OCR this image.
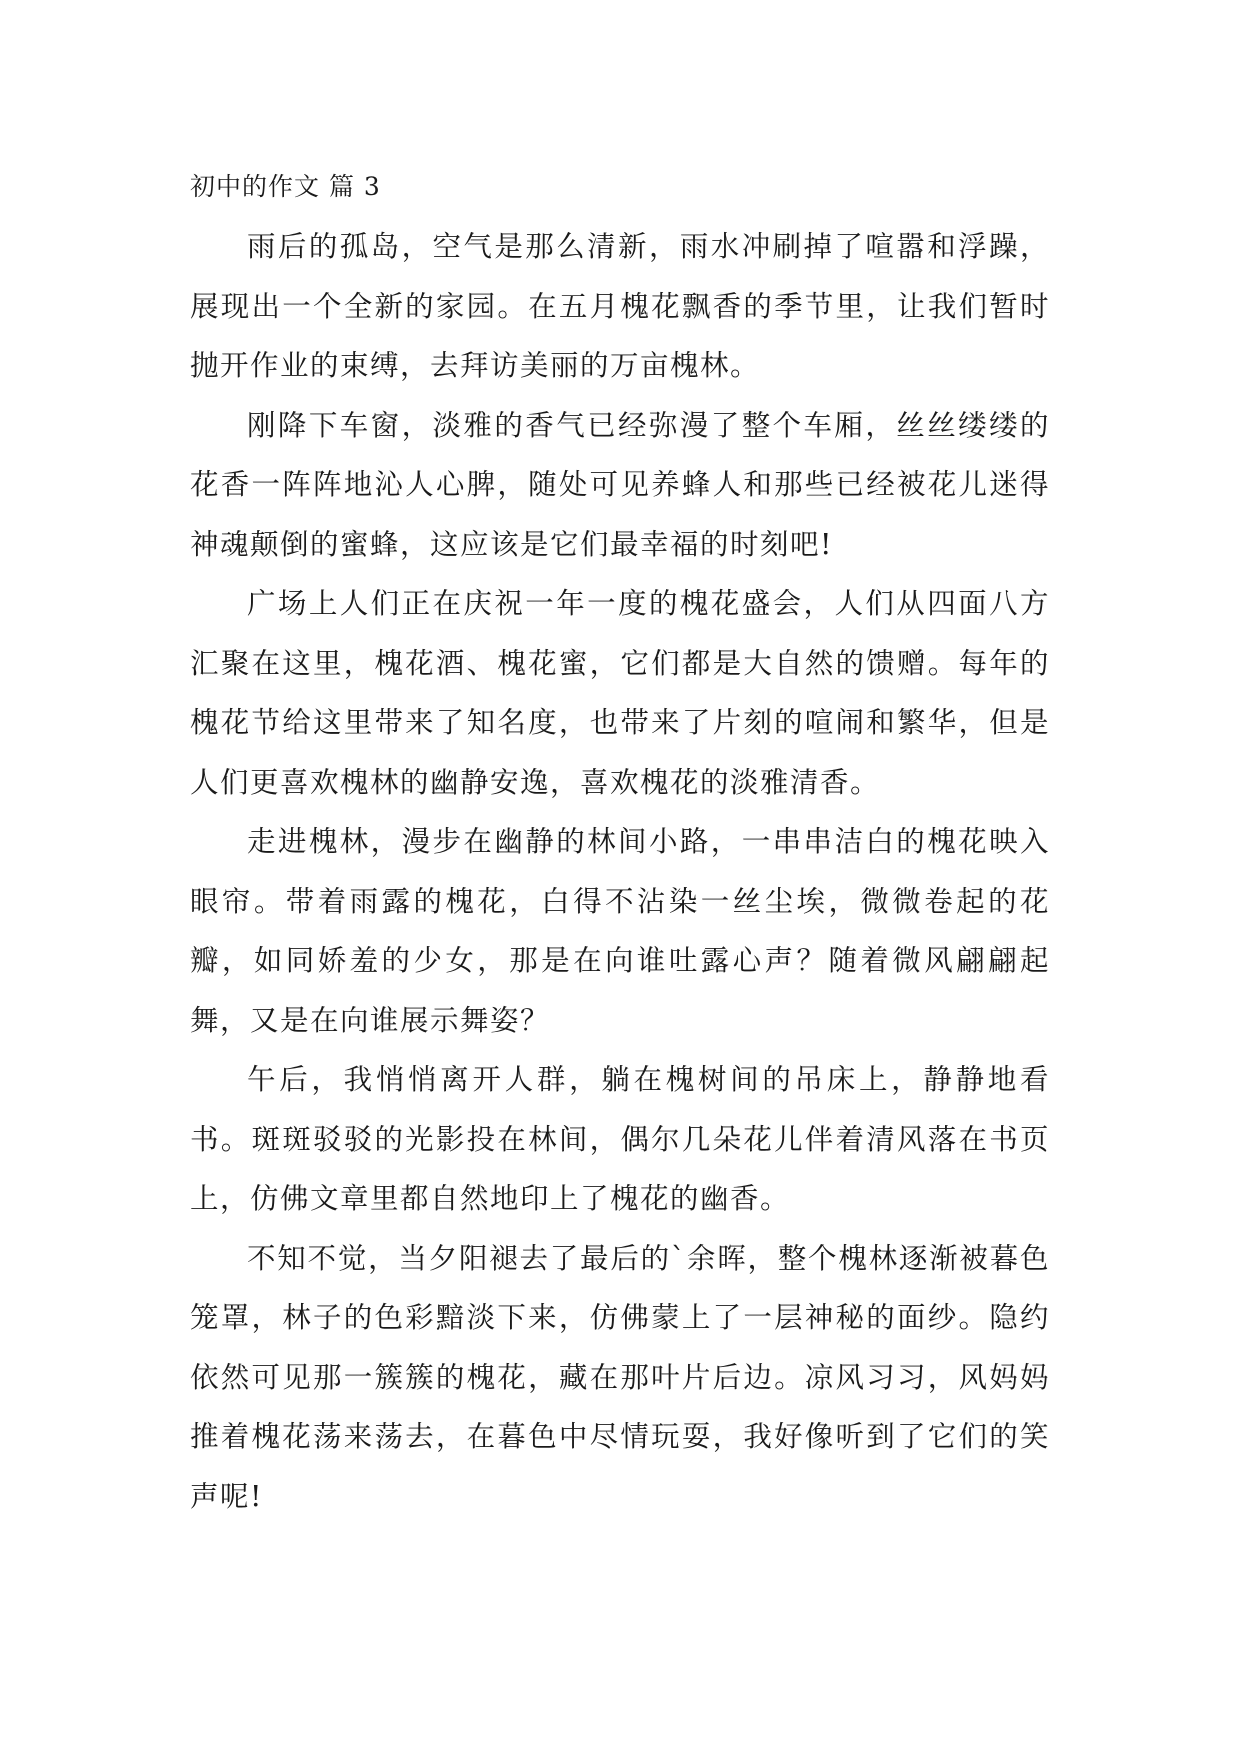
初中的作文 篇 3

雨后的孤岛，空气是那么清新，雨水冲刷掉了喧嚣和浮躁，展现出一个全新的家园。在五月槐花飘香的季节里，让我们暂时抛开作业的束缚，去拜访美丽的万亩槐林。

刚降下车窗，淡雅的香气已经弥漫了整个车厢，丝丝缕缕的花香一阵阵地沁人心脾，随处可见养蜂人和那些已经被花儿迷得神魂颠倒的蜜蜂，这应该是它们最幸福的时刻吧!

广场上人们正在庆祝一年一度的槐花盛会，人们从四面八方汇聚在这里，槐花酒、槐花蜜，它们都是大自然的馈赠。每年的槐花节给这里带来了知名度，也带来了片刻的喧闹和繁华，但是人们更喜欢槐林的幽静安逸，喜欢槐花的淡雅清香。

走进槐林，漫步在幽静的林间小路，一串串洁白的槐花映入眼帘。带着雨露的槐花，白得不沾染一丝尘埃，微微卷起的花瓣，如同娇羞的少女，那是在向谁吐露心声？随着微风翩翩起舞，又是在向谁展示舞姿？

午后，我悄悄离开人群，躺在槐树间的吊床上，静静地看书。斑斑驳驳的光影投在林间，偶尔几朵花儿伴着清风落在书页上，仿佛文章里都自然地印上了槐花的幽香。

不知不觉，当夕阳褪去了最后的`余晖，整个槐林逐渐被暮色笼罩，林子的色彩黯淡下来，仿佛蒙上了一层神秘的面纱。隐约依然可见那一簇簇的槐花，藏在那叶片后边。凉风习习，风妈妈推着槐花荡来荡去，在暮色中尽情玩耍，我好像听到了它们的笑声呢!
